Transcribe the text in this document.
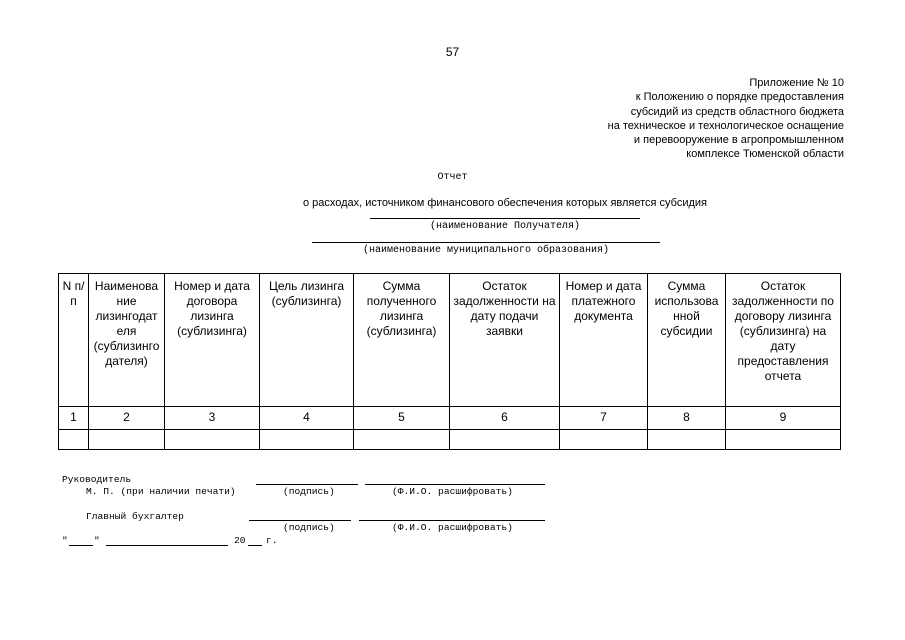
57
Приложение № 10
к Положению о порядке предоставления
субсидий из средств областного бюджета
на техническое и технологическое оснащение
и перевооружение в агропромышленном
комплексе Тюменской области
Отчет
о расходах, источником финансового обеспечения которых является субсидия
(наименование Получателя)
(наименование муниципального образования)
N п/п	Наименова ние лизингодат еля (сублизинго дателя)	Номер и дата договора лизинга (сублизинга)	Цель лизинга (сублизинга)	Сумма полученного лизинга (сублизинга)	Остаток задолженности на дату подачи заявки	Номер и дата платежного документа	Сумма использова нной субсидии	Остаток задолженности по договору лизинга (сублизинга) на дату предоставления отчета
1	2	3	4	5	6	7	8	9

Руководитель
М. П. (при наличии печати)	(подпись)	(Ф.И.О. расшифровать)
Главный бухгалтер
(подпись)	(Ф.И.О. расшифровать)
"	"	20 г.
